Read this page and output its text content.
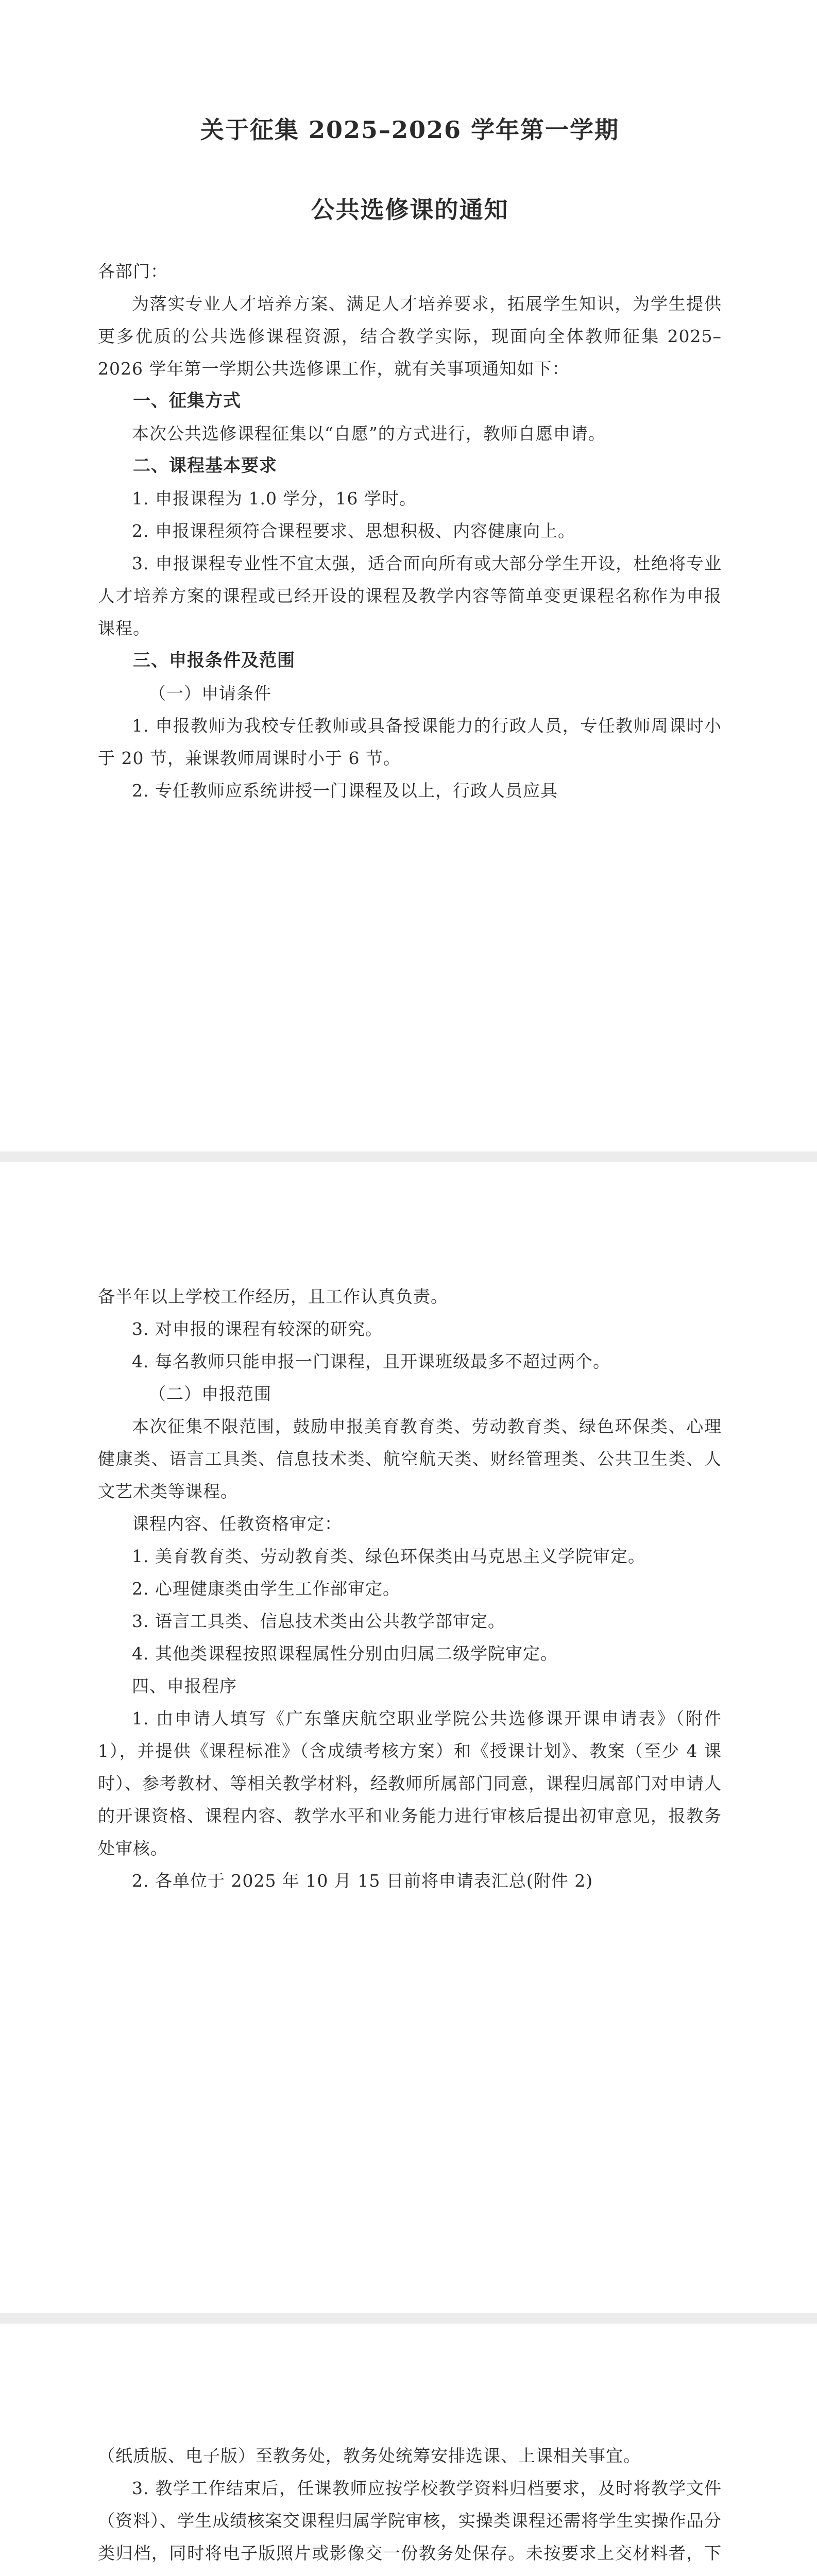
关于征集 2025–2026 学年第一学期
公共选修课的通知

各部门：

为落实专业人才培养方案、满足人才培养要求，拓展学生知识，为学生提供更多优质的公共选修课程资源，结合教学实际，现面向全体教师征集 2025–2026 学年第一学期公共选修课工作，就有关事项通知如下：

一、征集方式

本次公共选修课程征集以“自愿”的方式进行，教师自愿申请。

二、课程基本要求

1. 申报课程为 1.0 学分，16 学时。

2. 申报课程须符合课程要求、思想积极、内容健康向上。

3. 申报课程专业性不宜太强，适合面向所有或大部分学生开设，杜绝将专业人才培养方案的课程或已经开设的课程及教学内容等简单变更课程名称作为申报课程。

三、申报条件及范围

（一）申请条件

1. 申报教师为我校专任教师或具备授课能力的行政人员，专任教师周课时小于 20 节，兼课教师周课时小于 6 节。

2. 专任教师应系统讲授一门课程及以上，行政人员应具

备半年以上学校工作经历，且工作认真负责。

3. 对申报的课程有较深的研究。

4. 每名教师只能申报一门课程，且开课班级最多不超过两个。

（二）申报范围

本次征集不限范围，鼓励申报美育教育类、劳动教育类、绿色环保类、心理健康类、语言工具类、信息技术类、航空航天类、财经管理类、公共卫生类、人文艺术类等课程。

课程内容、任教资格审定：

1. 美育教育类、劳动教育类、绿色环保类由马克思主义学院审定。

2. 心理健康类由学生工作部审定。

3. 语言工具类、信息技术类由公共教学部审定。

4. 其他类课程按照课程属性分别由归属二级学院审定。

四、申报程序

1. 由申请人填写《广东肇庆航空职业学院公共选修课开课申请表》（附件 1），并提供《课程标准》（含成绩考核方案）和《授课计划》、教案（至少 4 课时）、参考教材、等相关教学材料，经教师所属部门同意，课程归属部门对申请人的开课资格、课程内容、教学水平和业务能力进行审核后提出初审意见，报教务处审核。

2. 各单位于 2025 年 10 月 15 日前将申请表汇总(附件 2)

（纸质版、电子版）至教务处，教务处统筹安排选课、上课相关事宜。

3. 教学工作结束后，任课教师应按学校教学资料归档要求，及时将教学文件（资料）、学生成绩核案交课程归属学院审核，实操类课程还需将学生实操作品分类归档，同时将电子版照片或影像交一份教务处保存。未按要求上交材料者，下
